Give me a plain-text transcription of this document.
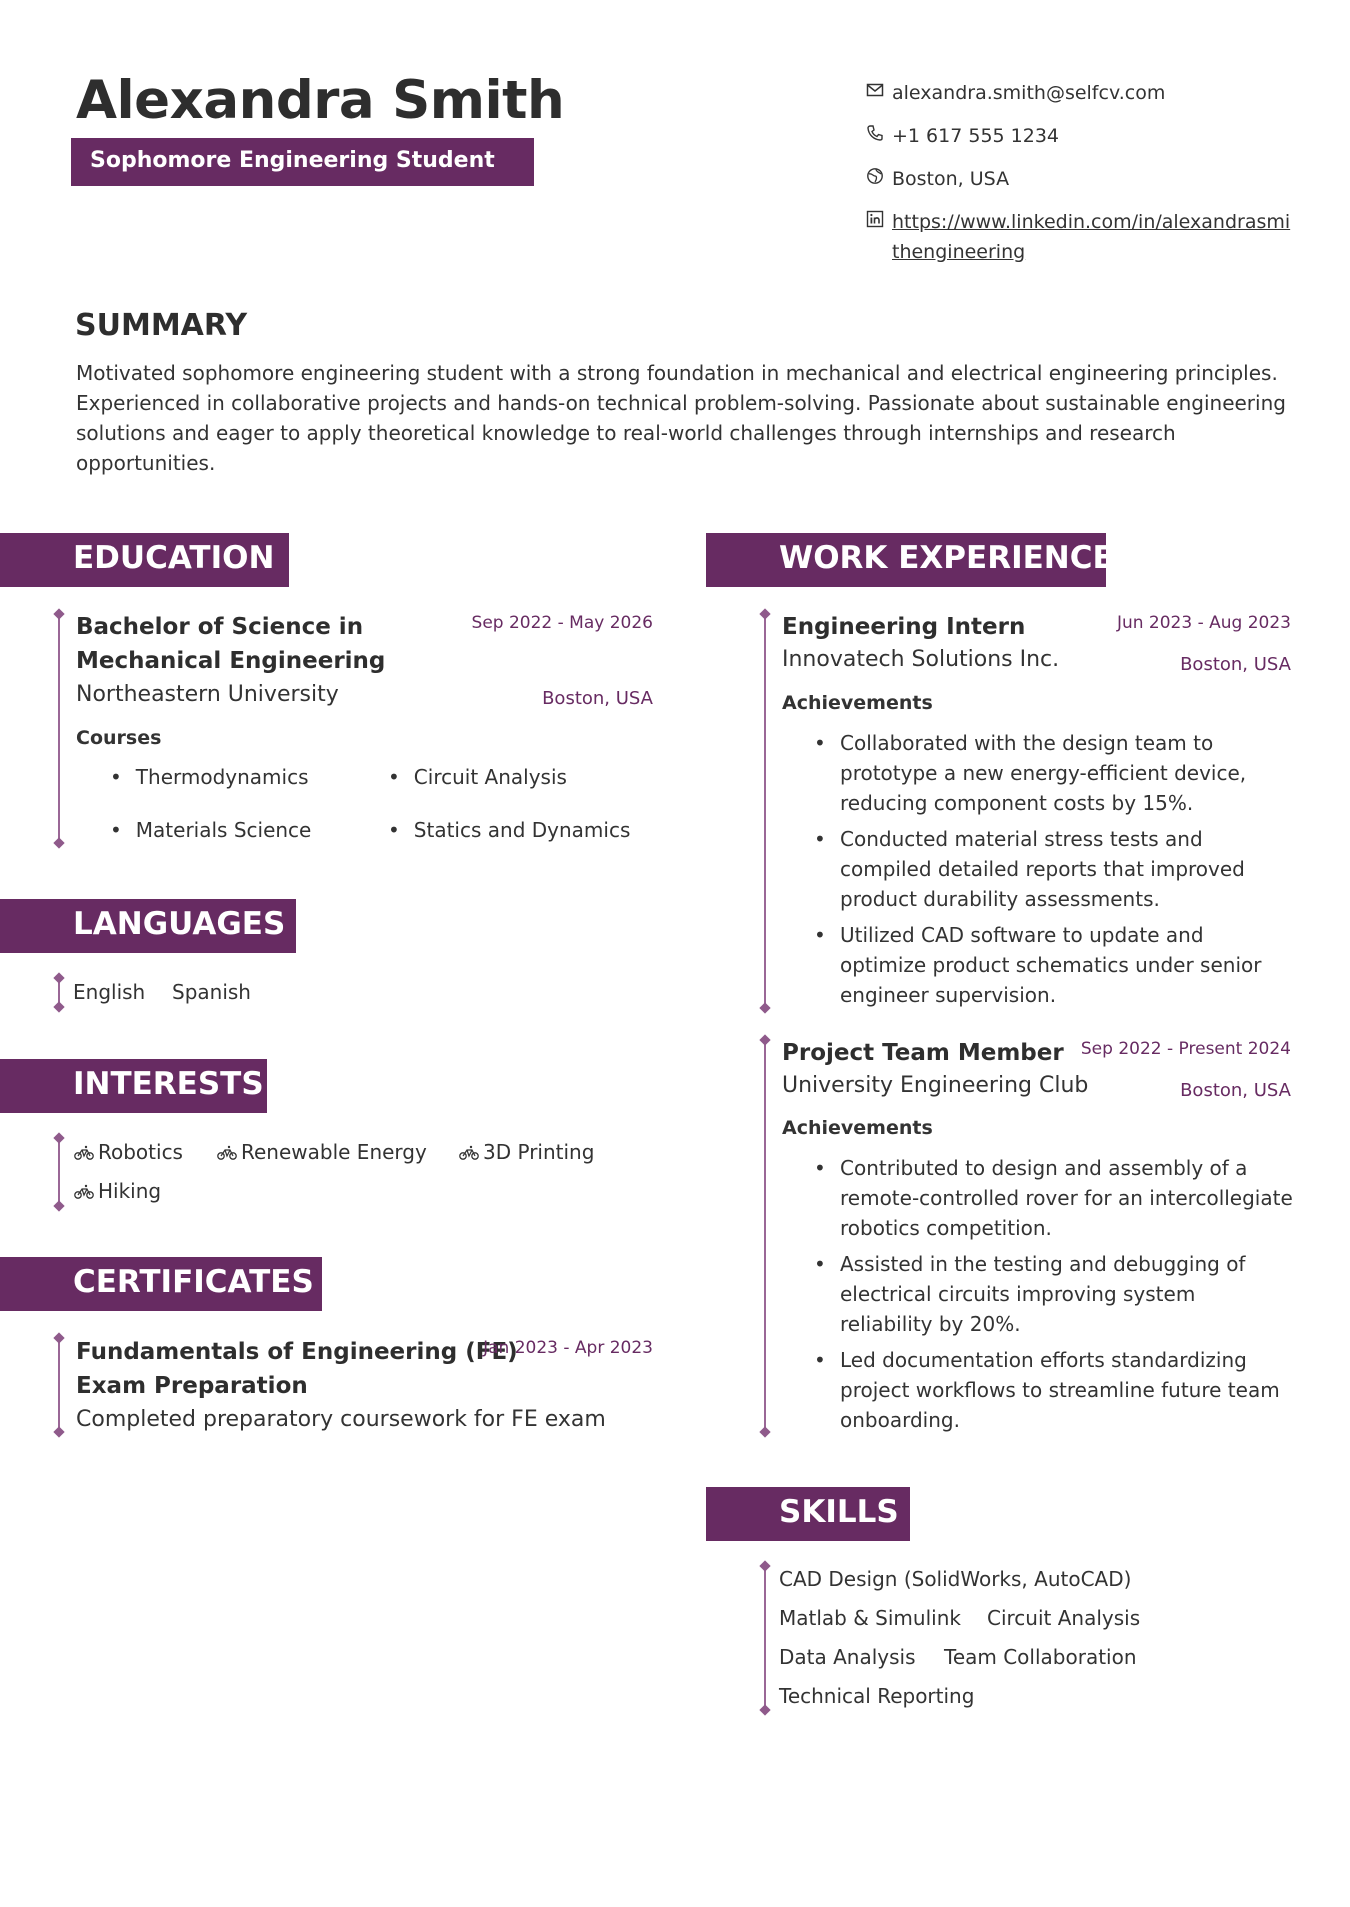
Alexandra Smith
Sophomore Engineering Student
alexandra.smith@selfcv.com
+1 617 555 1234
Boston, USA
https://www.linkedin.com/in/alexandrasmithengineering
SUMMARY
Motivated sophomore engineering student with a strong foundation in mechanical and electrical engineering principles. Experienced in collaborative projects and hands-on technical problem-solving. Passionate about sustainable engineering solutions and eager to apply theoretical knowledge to real-world challenges through internships and research opportunities.
EDUCATION
Bachelor of Science in
Mechanical Engineering
Northeastern University
Sep 2022 - May 2026
Boston, USA
Courses
• Thermodynamics	• Circuit Analysis
• Materials Science	• Statics and Dynamics
LANGUAGES
English Spanish
INTERESTS
Robotics	Renewable Energy	3D Printing
Hiking
CERTIFICATES
Fundamentals of Engineering (FE)
Exam Preparation
Jan 2023 - Apr 2023
Completed preparatory coursework for FE exam
WORK EXPERIENCE
Engineering Intern
Innovatech Solutions Inc.
Jun 2023 - Aug 2023
Boston, USA
Achievements
• Collaborated with the design team to prototype a new energy-efficient device, reducing component costs by 15%.
• Conducted material stress tests and compiled detailed reports that improved product durability assessments.
• Utilized CAD software to update and optimize product schematics under senior engineer supervision.
Project Team Member
University Engineering Club
Sep 2022 - Present 2024
Boston, USA
Achievements
• Contributed to design and assembly of a remote-controlled rover for an intercollegiate robotics competition.
• Assisted in the testing and debugging of electrical circuits improving system reliability by 20%.
• Led documentation efforts standardizing project workflows to streamline future team onboarding.
SKILLS
CAD Design (SolidWorks, AutoCAD)
Matlab & Simulink Circuit Analysis
Data Analysis Team Collaboration
Technical Reporting
